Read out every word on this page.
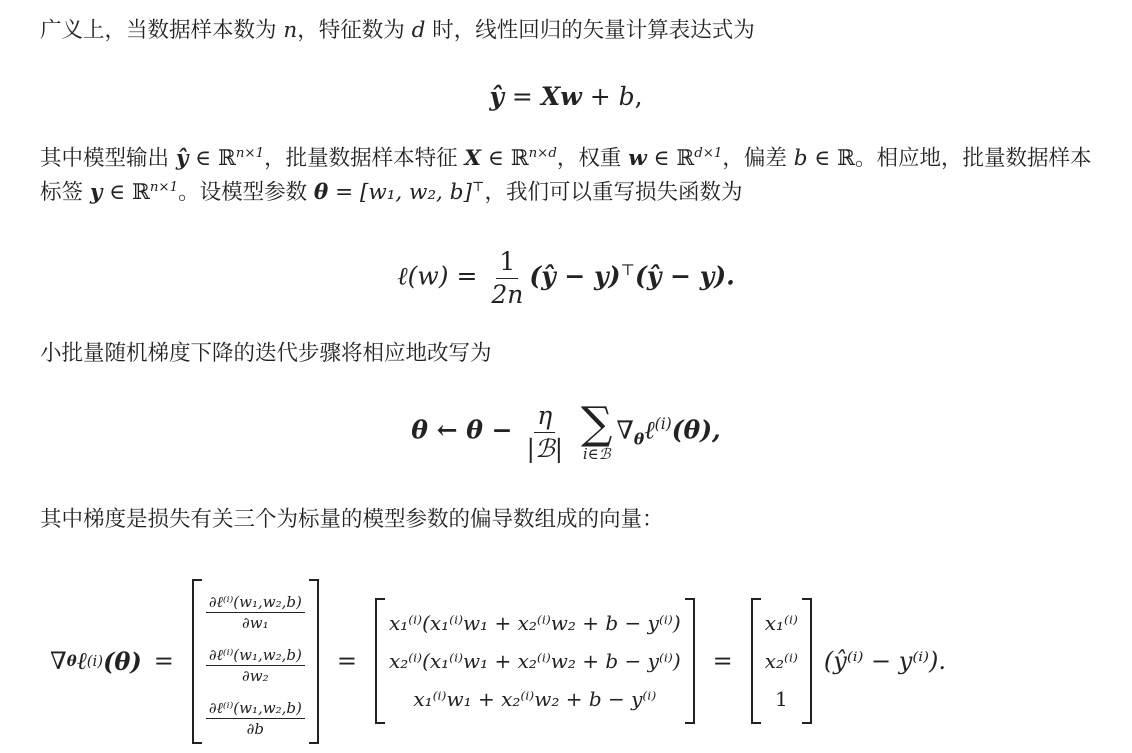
广义上，当数据样本数为 n，特征数为 d 时，线性回归的矢量计算表达式为
ŷ = Xw + b,
其中模型输出 ŷ ∈ ℝ$^{n\times 1}$，批量数据样本特征 X ∈ ℝ$^{n\times d}$，权重 w ∈ ℝ$^{d\times 1}$，偏差 b ∈ ℝ。相应地，批量数据样本标签 y ∈ ℝ$^{n\times 1}$。设模型参数 θ = [w₁, w₂, b]⊤，我们可以重写损失函数为
ℓ(w) = $\frac{1}{2n}$ (ŷ − y)⊤(ŷ − y).
小批量随机梯度下降的迭代步骤将相应地改写为
θ ← $\theta - \frac{\eta}{\text{|ℬ|}}$
∑
i∈ℬ
$\nabla_\theta\ell^{(i)}(\theta)$,
其中梯度是损失有关三个为标量的模型参数的偏导数组成的向量：
∇ θ ℓ (i) (θ) =
$\frac{\text{∂ℓ⁽ⁱ⁾(w₁,w₂,b)}}{\text{∂w₁}}$
$\frac{\text{∂ℓ⁽ⁱ⁾(w₁,w₂,b)}}{\text{∂w₂}}$
$\frac{\text{∂ℓ⁽ⁱ⁾(w₁,w₂,b)}}{\partial b}$
=
x₁⁽ⁱ⁾(x₁⁽ⁱ⁾w₁ + x₂⁽ⁱ⁾w₂ + b − y⁽ⁱ⁾)
x₂⁽ⁱ⁾(x₁⁽ⁱ⁾w₁ + x₂⁽ⁱ⁾w₂ + b − y⁽ⁱ⁾)
x₁⁽ⁱ⁾w₁ + x₂⁽ⁱ⁾w₂ + b − y⁽ⁱ⁾
=
x₁⁽ⁱ⁾
x₂⁽ⁱ⁾
1
(ŷ⁽ⁱ⁾ − y⁽ⁱ⁾).
